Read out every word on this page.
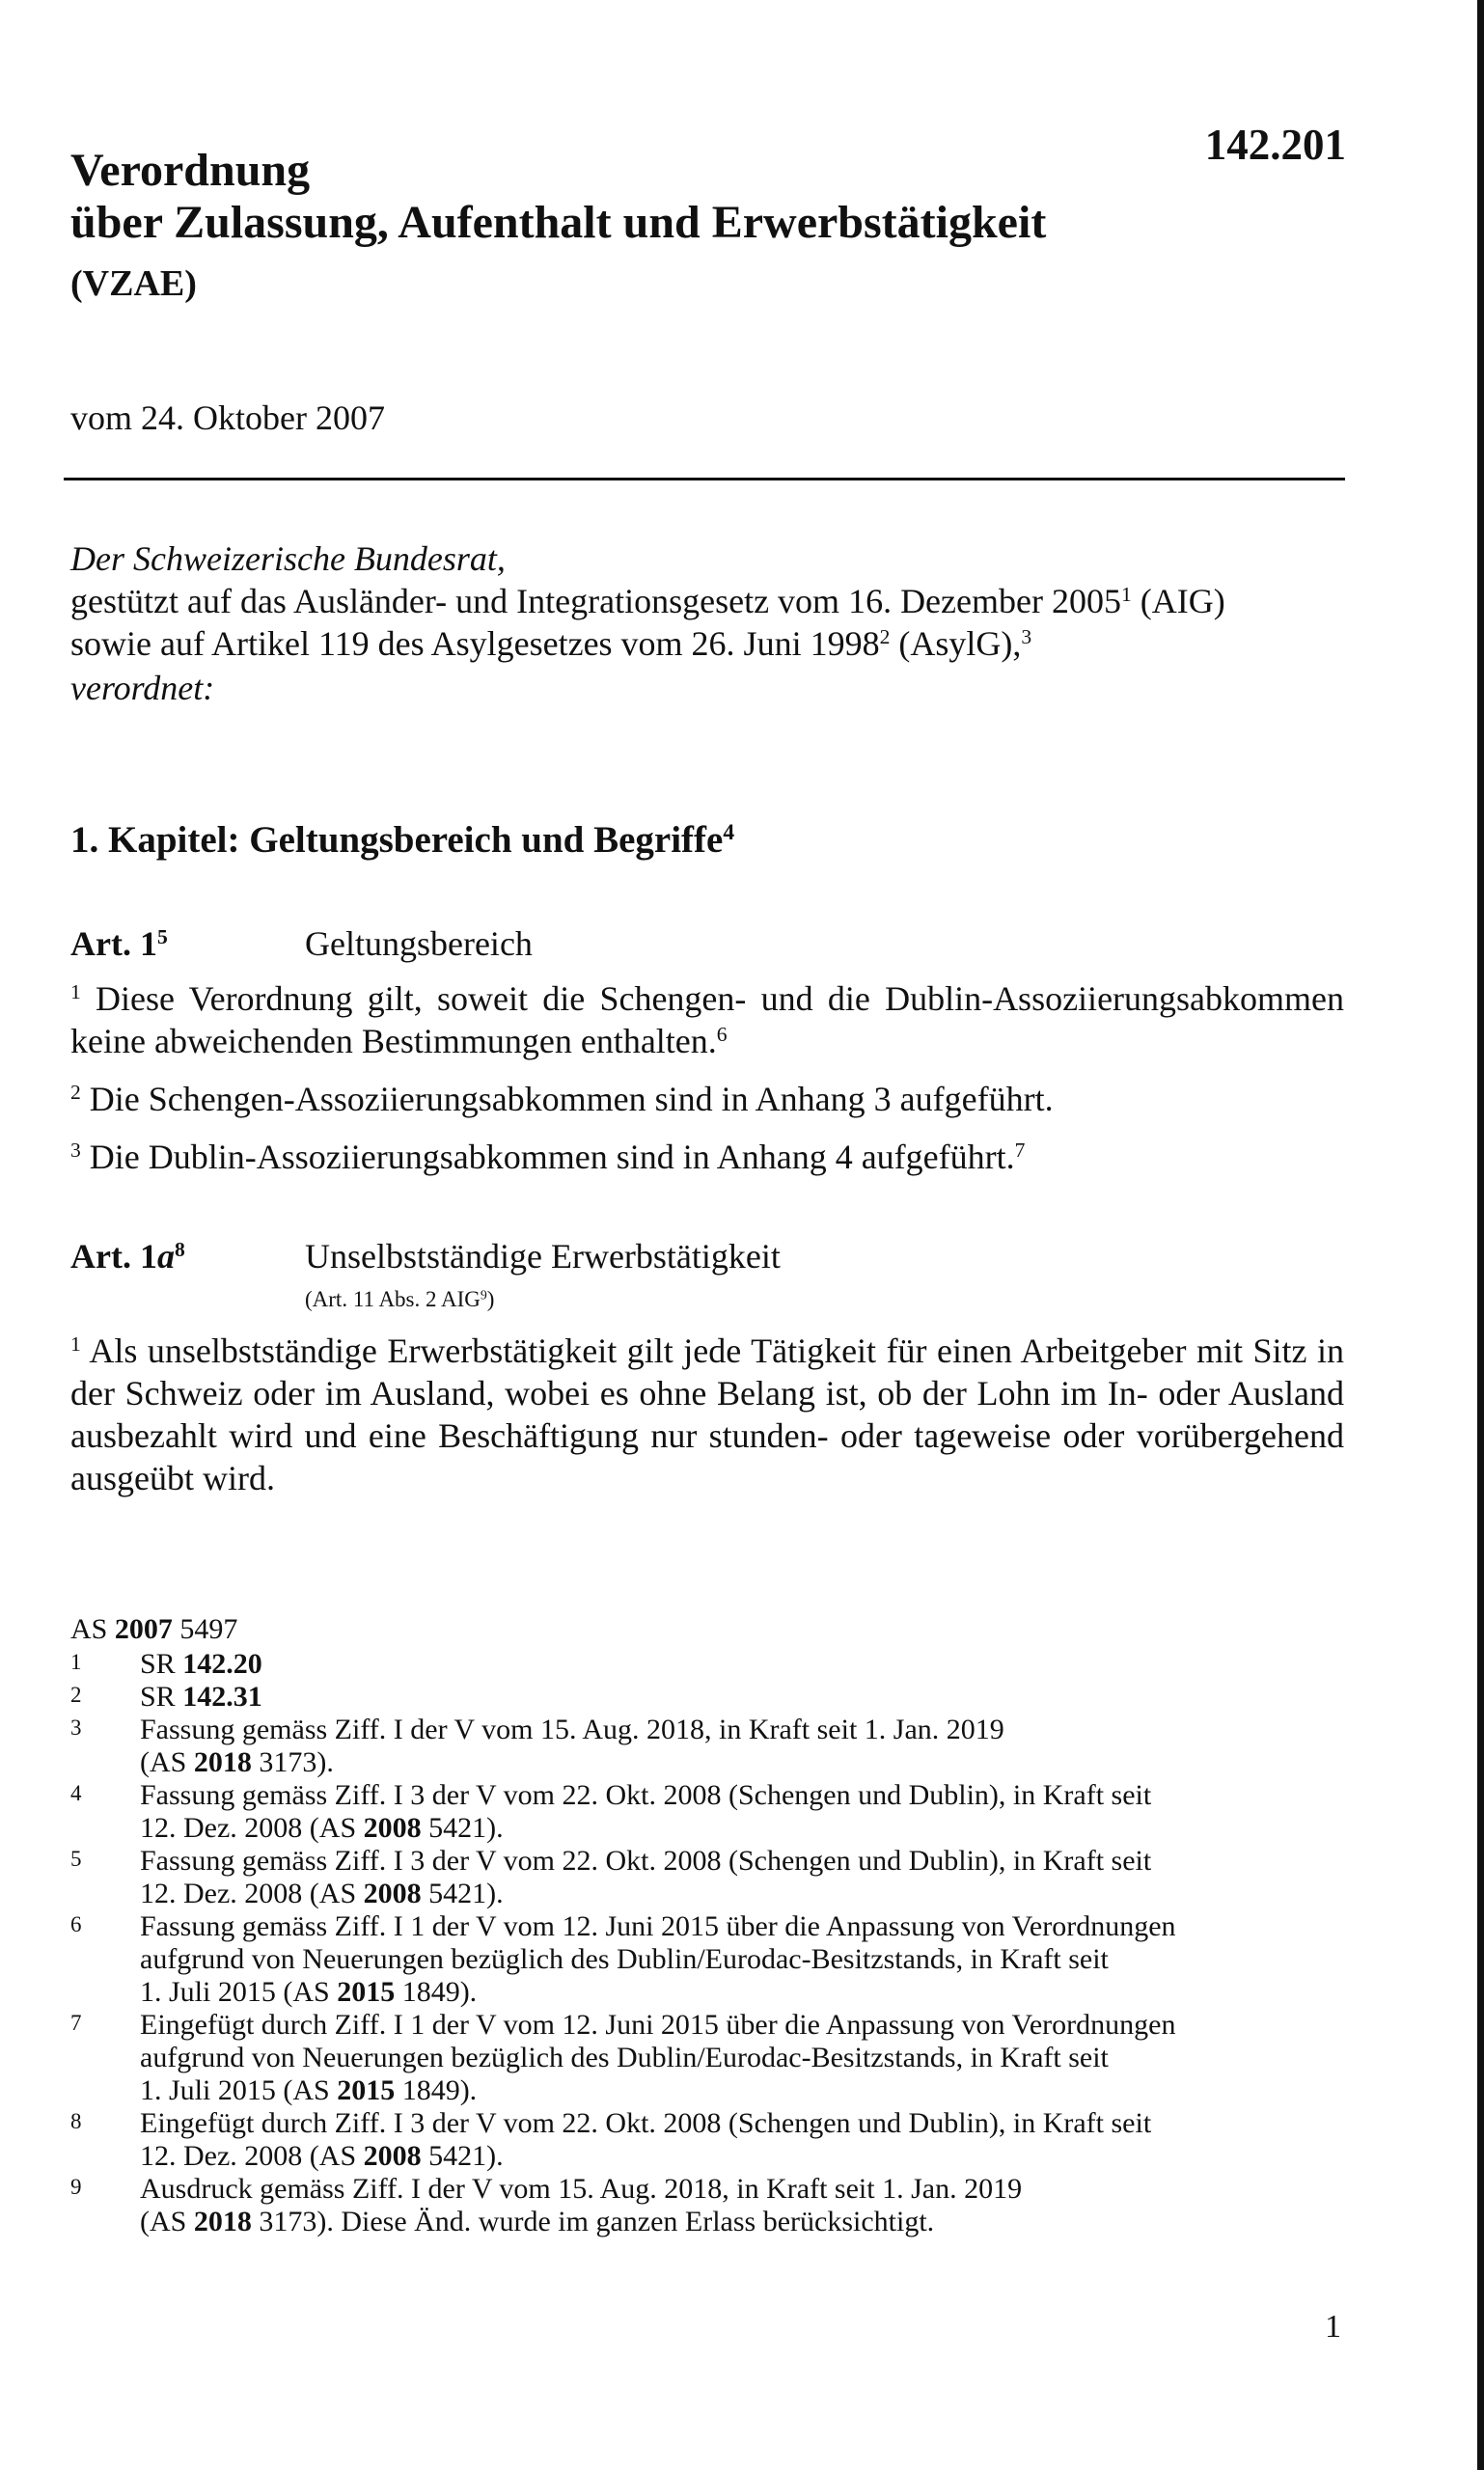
142.201
Verordnung
über Zulassung, Aufenthalt und Erwerbstätigkeit
(VZAE)
vom 24. Oktober 2007

Der Schweizerische Bundesrat,

gestützt auf das Ausländer- und Integrationsgesetz vom 16. Dezember 2005$^1$ (AIG)

sowie auf Artikel 119 des Asylgesetzes vom 26. Juni 1998$^2$ (AsylG),$^3$

verordnet:

1. Kapitel: Geltungsbereich und Begriffe$^4$
Art. $1^5$	Geltungsbereich
$^1$ Diese Verordnung gilt, soweit die Schengen- und die Dublin-Assoziierungsabkommen keine abweichenden Bestimmungen enthalten.$^6$
$^2$ Die Schengen-Assoziierungsabkommen sind in Anhang 3 aufgeführt.
$^3$ Die Dublin-Assoziierungsabkommen sind in Anhang 4 aufgeführt.$^7$
Art. $1a^8$	Unselbstständige Erwerbstätigkeit
(Art. 11 Abs. 2 AIG$^9$)
$^1$ Als unselbstständige Erwerbstätigkeit gilt jede Tätigkeit für einen Arbeitgeber mit Sitz in der Schweiz oder im Ausland, wobei es ohne Belang ist, ob der Lohn im In- oder Ausland ausbezahlt wird und eine Beschäftigung nur stunden- oder tageweise oder vorübergehend ausgeübt wird.
AS 2007 5497
1	SR 142.20
2	SR 142.31
3	Fassung gemäss Ziff. I der V vom 15. Aug. 2018, in Kraft seit 1. Jan. 2019
(AS 2018 3173).
4	Fassung gemäss Ziff. I 3 der V vom 22. Okt. 2008 (Schengen und Dublin), in Kraft seit
12. Dez. 2008 (AS 2008 5421).
5	Fassung gemäss Ziff. I 3 der V vom 22. Okt. 2008 (Schengen und Dublin), in Kraft seit
12. Dez. 2008 (AS 2008 5421).
6	Fassung gemäss Ziff. I 1 der V vom 12. Juni 2015 über die Anpassung von Verordnungen
aufgrund von Neuerungen bezüglich des Dublin/Eurodac-Besitzstands, in Kraft seit
1. Juli 2015 (AS 2015 1849).
7	Eingefügt durch Ziff. I 1 der V vom 12. Juni 2015 über die Anpassung von Verordnungen
aufgrund von Neuerungen bezüglich des Dublin/Eurodac-Besitzstands, in Kraft seit
1. Juli 2015 (AS 2015 1849).
8	Eingefügt durch Ziff. I 3 der V vom 22. Okt. 2008 (Schengen und Dublin), in Kraft seit
12. Dez. 2008 (AS 2008 5421).
9	Ausdruck gemäss Ziff. I der V vom 15. Aug. 2018, in Kraft seit 1. Jan. 2019
(AS 2018 3173). Diese Änd. wurde im ganzen Erlass berücksichtigt.
1
